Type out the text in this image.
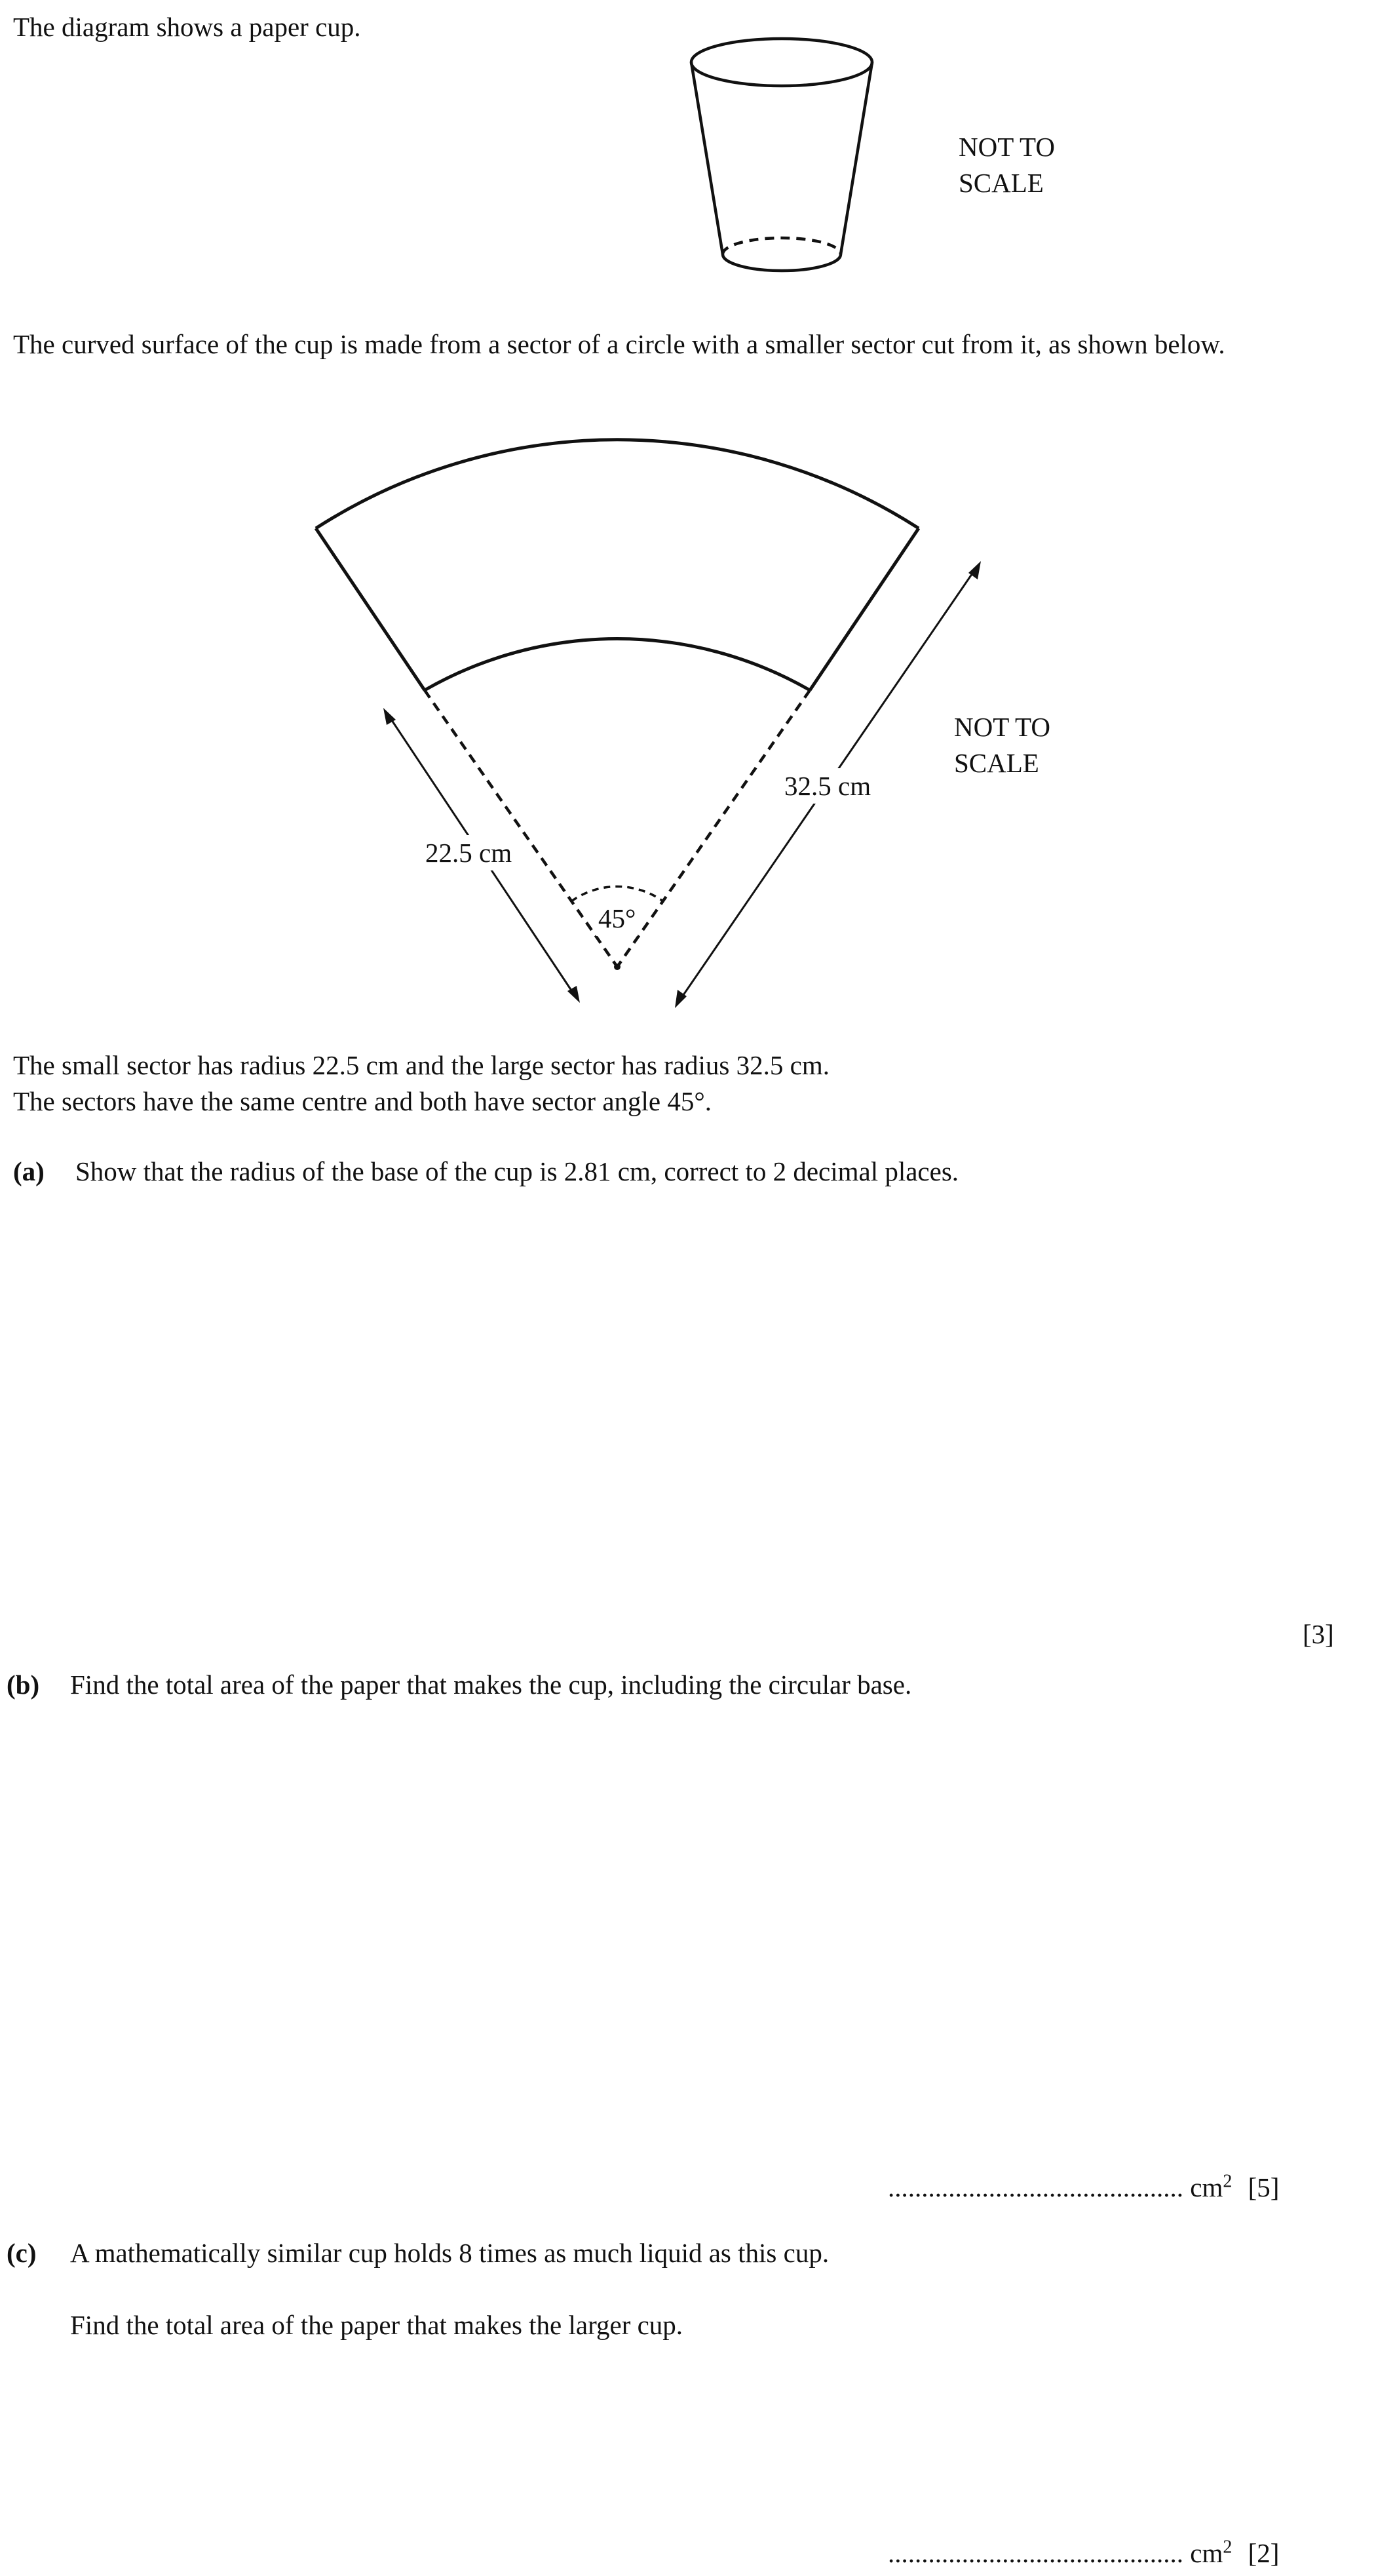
The diagram shows a paper cup.
NOT TO
SCALE
The curved surface of the cup is made from a sector of a circle with a smaller sector cut from it, as shown below.
NOT TO
SCALE
22.5 cm
32.5 cm
45°
The small sector has radius 22.5 cm and the large sector has radius 32.5 cm.
The sectors have the same centre and both have sector angle 45°.
(a) Show that the radius of the base of the cup is 2.81 cm, correct to 2 decimal places.
[3]
(b) Find the total area of the paper that makes the cup, including the circular base.
............................................ $cm^2$ [5]
(c) A mathematically similar cup holds 8 times as much liquid as this cup.
Find the total area of the paper that makes the larger cup.
............................................ $cm^2$ [2]
